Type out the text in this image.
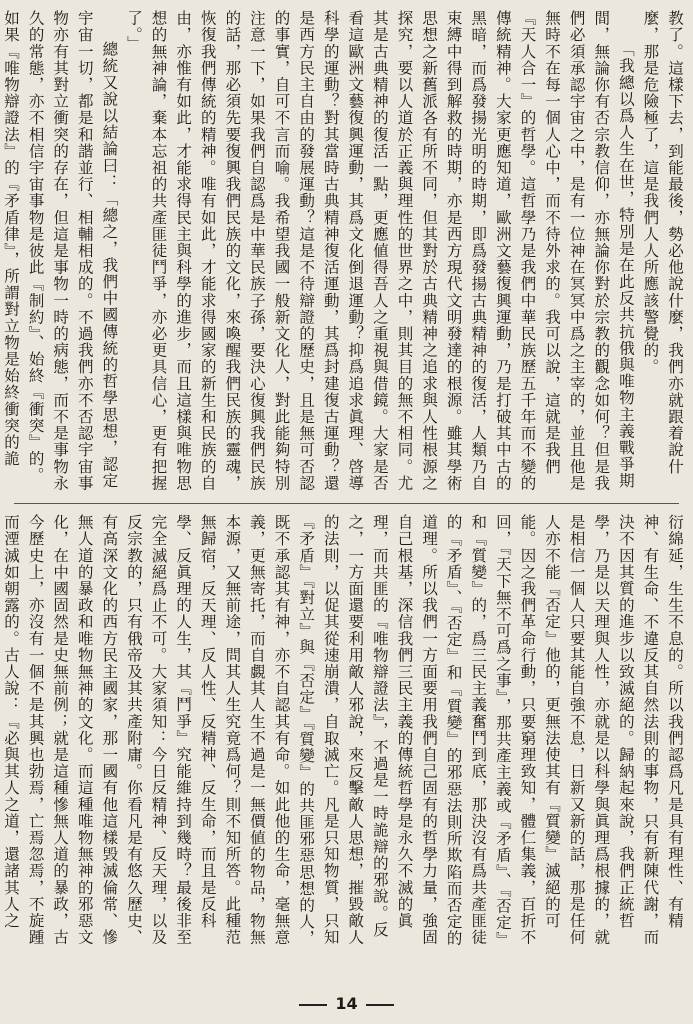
教了。這樣下去，到能最後，勢必他說什麼，我們亦就跟着說什麼，那是危險極了，這是我們人人所應該警覺的。

「我總以爲人生在世，特別是在此反共抗俄與唯物主義戰爭期間，無論你有否宗教信仰，亦無論你對於宗教的觀念如何？但是我們必須承認宇宙之中，是有一位神在冥冥中爲之主宰的，並且他是無時不在每一個人心中，而不待外求的。我可以說，這就是我們『天人合一』的哲學。這哲學乃是我們中華民族歷五千年而不變的傳統精神。大家更應知道，歐洲文藝復興運動，乃是打破其中古的黑暗，而爲發揚光明的時期，即爲發揚古典精神的復活，人類乃自束縛中得到解救的時期，亦是西方現代文明發達的根源。雖其學術思想之新舊派各有所不同，但其對於古典精神之追求與人性根源之探究，要以人道於正義與理性的世界之中，則其目的無不相同。尤其是古典精神的復活一點，更應値得吾人之重視與借鏡。大家是否看這歐洲文藝復興運動，其爲文化倒退運動？抑爲追求眞理、啓導科學的運動？對其當時古典精神復活運動，其爲封建復古運動？還是西方民主自由的發展運動？這是不待辯證的歷史，且是無可否認的事實，自可不言而喻。我希望我國一般新文化人，對此能夠特別注意一下，如果我們自認爲是中華民族子孫，要決心復興我們民族的話，那必須先要復興我們民族的文化，來喚醒我們民族的靈魂，恢復我們傳統的精神。唯有如此，才能求得國家的新生和民族的自由，亦惟有如此，才能求得民主與科學的進步，而且這樣與唯物思想的無神論，棄本忘祖的共產匪徒鬥爭，亦必更具信心，更有把握了。」

總統又說以結論曰：「總之，我們中國傳統的哲學思想，認定宇宙一切，都是和諧並行、相輔相成的。不過我們亦不否認宇宙事物亦有其對立衝突的存在，但這是事物一時的病態，而不是事物永久的常態，亦不相信宇宙事物是彼此『制約』、始終『衝突』的。如果『唯物辯證法』的『矛盾律』，所謂對立物是始終衝突的詭

衍綿延，生生不息的。所以我們認爲凡是具有理性、有精神、有生命、不違反其自然法則的事物，只有新陳代謝，而決不因其質的進步以致滅絕的。歸納起來說，我們正統哲學，乃是以天理與人性，亦就是以科學與眞理爲根據的，就是相信一個人只要其能自強不息，日新又新的話，那是任何人亦不能『否定』他的，更無法使其有『質變』滅絕的可能。因之我們革命行動，只要窮理致知，體仁集義，百折不回，『天下無不可爲之事』，那共產主義或『矛盾』、『否定』和『質變』的，爲三民主義奮鬥到底，那決沒有爲共產匪徒的『矛盾』、『否定』和『質變』的邪惡法則所欺陷而否定的道理。所以我們一方面要用我們自己固有的哲學力量，強固自己根基，深信我們三民主義的傳統哲學是永久不滅的眞理，而共匪的『唯物辯證法』，不過是一時詭辯的邪說。反之，一方面還要利用敵人邪說，來反擊敵人思想，摧毀敵人的法則，以促其從速崩潰，自取滅亡。凡是只知物質，只知『矛盾』『對立』與『否定』『質變』的共匪邪惡思想的人，既不承認其有神，亦不自認其有命。如此他的生命，毫無意義，更無寄托，而自覷其人生不過是一無價値的物品，物無本源，又無前途，問其人生究竟爲何？則不知所答。此種范無歸宿，反天理、反人性、反精神、反生命，而且是反科學、反眞理的人生，其『鬥爭』究能維持到幾時？最後非至完全滅絕爲止不可。大家須知：今日反精神、反天理，以及反宗教的，只有俄帝及其共產附庸。你看凡是有悠久歷史、有高深文化的西方民主國家，那一國有他這樣毁滅倫常、慘無人道的暴政和唯物無神的文化。而這種唯物無神的邪惡文化，在中國固然是史無前例；就是這種慘無人道的暴政，古今歷史上，亦沒有一個不是其興也勃焉，亡焉忽焉，不旋踵而湮滅如朝露的。古人說：『必與其人之道，還諸其人之

14
